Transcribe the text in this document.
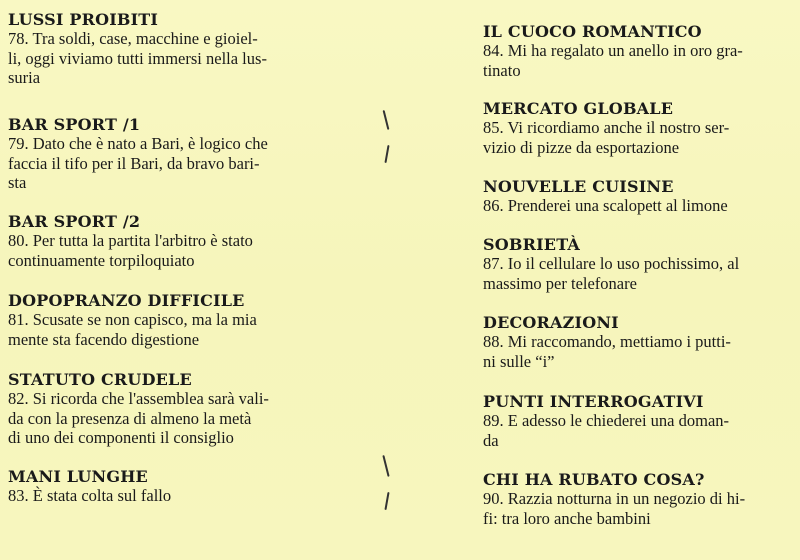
LUSSI PROIBITI
78. Tra soldi, case, macchine e gioiel-
li, oggi viviamo tutti immersi nella lus-
suria
BAR SPORT /1
79. Dato che è nato a Bari, è logico che
faccia il tifo per il Bari, da bravo bari-
sta
BAR SPORT /2
80. Per tutta la partita l'arbitro è stato
continuamente torpiloquiato
DOPOPRANZO DIFFICILE
81. Scusate se non capisco, ma la mia
mente sta facendo digestione
STATUTO CRUDELE
82. Si ricorda che l'assemblea sarà vali-
da con la presenza di almeno la metà
di uno dei componenti il consiglio
MANI LUNGHE
83. È stata colta sul fallo
IL CUOCO ROMANTICO
84. Mi ha regalato un anello in oro gra-
tinato
MERCATO GLOBALE
85. Vi ricordiamo anche il nostro ser-
vizio di pizze da esportazione
NOUVELLE CUISINE
86. Prenderei una scalopett al limone
SOBRIETÀ
87. Io il cellulare lo uso pochissimo, al
massimo per telefonare
DECORAZIONI
88. Mi raccomando, mettiamo i putti-
ni sulle “i”
PUNTI INTERROGATIVI
89. E adesso le chiederei una doman-
da
CHI HA RUBATO COSA?
90. Razzia notturna in un negozio di hi-
fi: tra loro anche bambini
